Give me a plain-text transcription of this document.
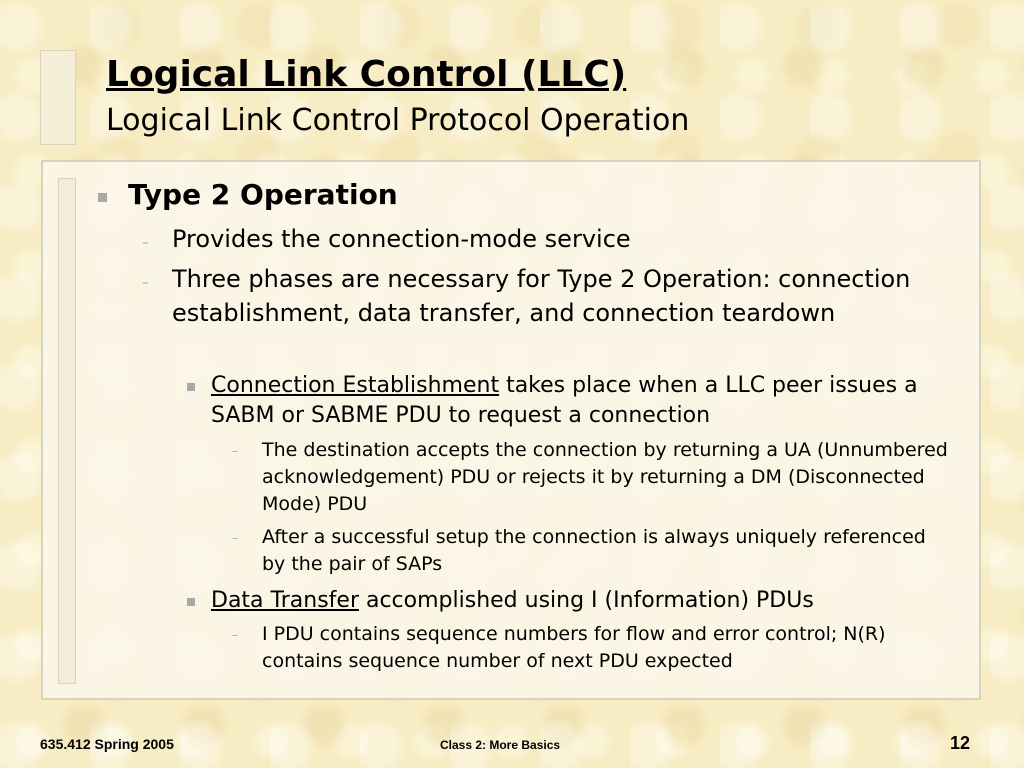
Logical Link Control (LLC)
Logical Link Control Protocol Operation

Type 2 Operation

– Provides the connection-mode service

– Three phases are necessary for Type 2 Operation: connection establishment, data transfer, and connection teardown

Connection Establishment takes place when a LLC peer issues a SABM or SABME PDU to request a connection

– The destination accepts the connection by returning a UA (Unnumbered acknowledgement) PDU or rejects it by returning a DM (Disconnected Mode) PDU

– After a successful setup the connection is always uniquely referenced by the pair of SAPs

Data Transfer accomplished using I (Information) PDUs

– I PDU contains sequence numbers for flow and error control; N(R) contains sequence number of next PDU expected

635.412 Spring 2005	Class 2: More Basics	12
